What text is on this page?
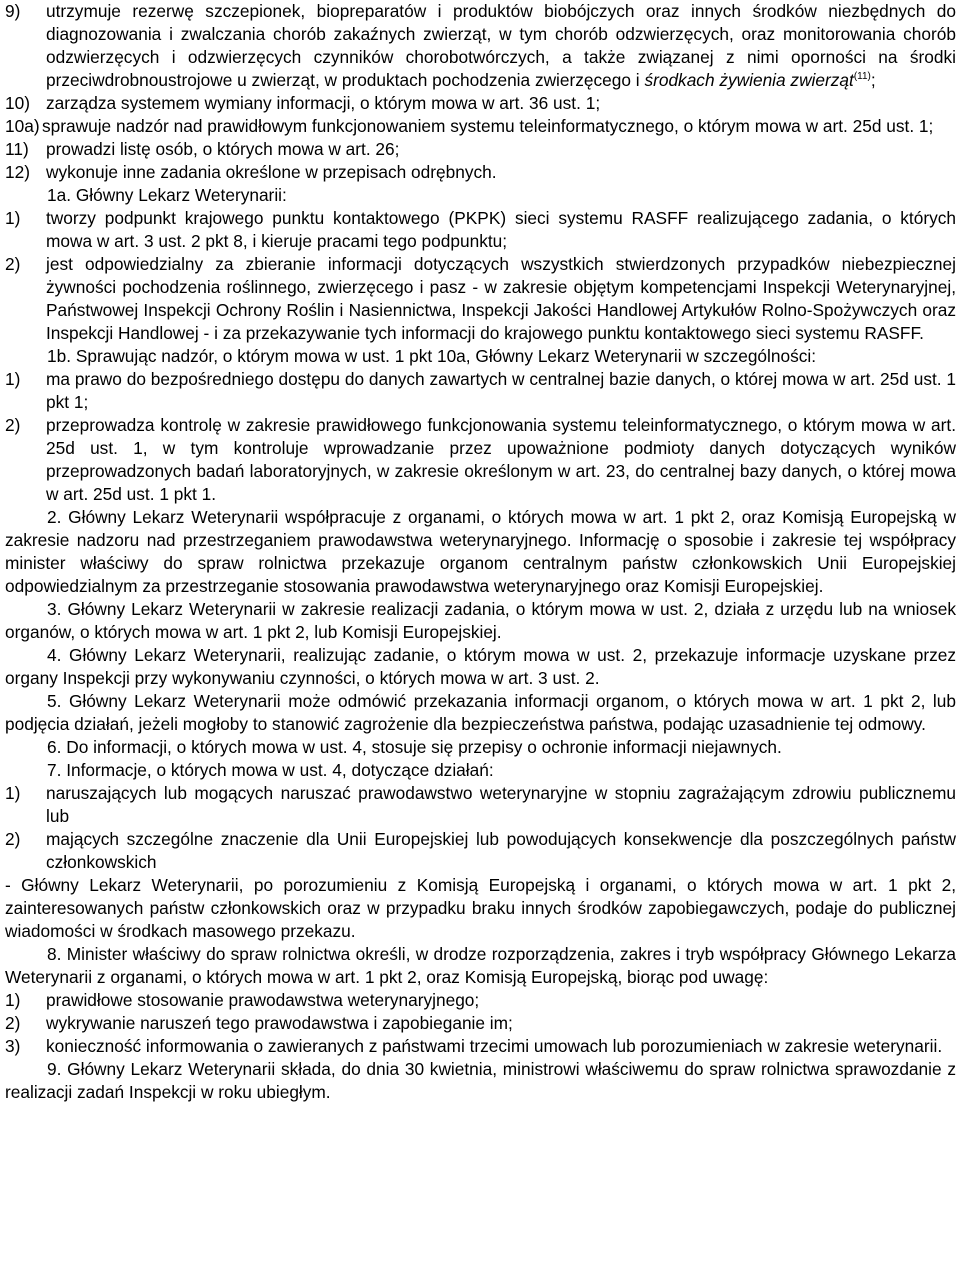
9)	utrzymuje rezerwę szczepionek, biopreparatów i produktów biobójczych oraz innych środków niezbędnych do diagnozowania i zwalczania chorób zakaźnych zwierząt, w tym chorób odzwierzęcych, oraz monitorowania chorób odzwierzęcych i odzwierzęcych czynników chorobotwórczych, a także związanej z nimi oporności na środki przeciwdrobnoustrojowe u zwierząt, w produktach pochodzenia zwierzęcego i środkach żywienia zwierząt$^{(11)}$;
10) zarządza systemem wymiany informacji, o którym mowa w art. 36 ust. 1;
10a) sprawuje nadzór nad prawidłowym funkcjonowaniem systemu teleinformatycznego, o którym mowa w art. 25d ust. 1;
11) prowadzi listę osób, o których mowa w art. 26;
12) wykonuje inne zadania określone w przepisach odrębnych.

1a. Główny Lekarz Weterynarii:

1)	tworzy podpunkt krajowego punktu kontaktowego (PKPK) sieci systemu RASFF realizującego zadania, o których mowa w art. 3 ust. 2 pkt 8, i kieruje pracami tego podpunktu;
2)	jest odpowiedzialny za zbieranie informacji dotyczących wszystkich stwierdzonych przypadków niebezpiecznej żywności pochodzenia roślinnego, zwierzęcego i pasz - w zakresie objętym kompetencjami Inspekcji Weterynaryjnej, Państwowej Inspekcji Ochrony Roślin i Nasiennictwa, Inspekcji Jakości Handlowej Artykułów Rolno-Spożywczych oraz Inspekcji Handlowej - i za przekazywanie tych informacji do krajowego punktu kontaktowego sieci systemu RASFF.

1b. Sprawując nadzór, o którym mowa w ust. 1 pkt 10a, Główny Lekarz Weterynarii w szczególności:

1)	ma prawo do bezpośredniego dostępu do danych zawartych w centralnej bazie danych, o której mowa w art. 25d ust. 1 pkt 1;
2)	przeprowadza kontrolę w zakresie prawidłowego funkcjonowania systemu teleinformatycznego, o którym mowa w art. 25d ust. 1, w tym kontroluje wprowadzanie przez upoważnione podmioty danych dotyczących wyników przeprowadzonych badań laboratoryjnych, w zakresie określonym w art. 23, do centralnej bazy danych, o której mowa w art. 25d ust. 1 pkt 1.

2. Główny Lekarz Weterynarii współpracuje z organami, o których mowa w art. 1 pkt 2, oraz Komisją Europejską w zakresie nadzoru nad przestrzeganiem prawodawstwa weterynaryjnego. Informację o sposobie i zakresie tej współpracy minister właściwy do spraw rolnictwa przekazuje organom centralnym państw członkowskich Unii Europejskiej odpowiedzialnym za przestrzeganie stosowania prawodawstwa weterynaryjnego oraz Komisji Europejskiej.

3. Główny Lekarz Weterynarii w zakresie realizacji zadania, o którym mowa w ust. 2, działa z urzędu lub na wniosek organów, o których mowa w art. 1 pkt 2, lub Komisji Europejskiej.

4. Główny Lekarz Weterynarii, realizując zadanie, o którym mowa w ust. 2, przekazuje informacje uzyskane przez organy Inspekcji przy wykonywaniu czynności, o których mowa w art. 3 ust. 2.

5. Główny Lekarz Weterynarii może odmówić przekazania informacji organom, o których mowa w art. 1 pkt 2, lub podjęcia działań, jeżeli mogłoby to stanowić zagrożenie dla bezpieczeństwa państwa, podając uzasadnienie tej odmowy.

6. Do informacji, o których mowa w ust. 4, stosuje się przepisy o ochronie informacji niejawnych.

7. Informacje, o których mowa w ust. 4, dotyczące działań:

1)	naruszających lub mogących naruszać prawodawstwo weterynaryjne w stopniu zagrażającym zdrowiu publicznemu lub
2)	mających szczególne znaczenie dla Unii Europejskiej lub powodujących konsekwencje dla poszczególnych państw członkowskich

- Główny Lekarz Weterynarii, po porozumieniu z Komisją Europejską i organami, o których mowa w art. 1 pkt 2, zainteresowanych państw członkowskich oraz w przypadku braku innych środków zapobiegawczych, podaje do publicznej wiadomości w środkach masowego przekazu.

8. Minister właściwy do spraw rolnictwa określi, w drodze rozporządzenia, zakres i tryb współpracy Głównego Lekarza Weterynarii z organami, o których mowa w art. 1 pkt 2, oraz Komisją Europejską, biorąc pod uwagę:

1)	prawidłowe stosowanie prawodawstwa weterynaryjnego;
2)	wykrywanie naruszeń tego prawodawstwa i zapobieganie im;
3)	konieczność informowania o zawieranych z państwami trzecimi umowach lub porozumieniach w zakresie weterynarii.

9. Główny Lekarz Weterynarii składa, do dnia 30 kwietnia, ministrowi właściwemu do spraw rolnictwa sprawozdanie z realizacji zadań Inspekcji w roku ubiegłym.
